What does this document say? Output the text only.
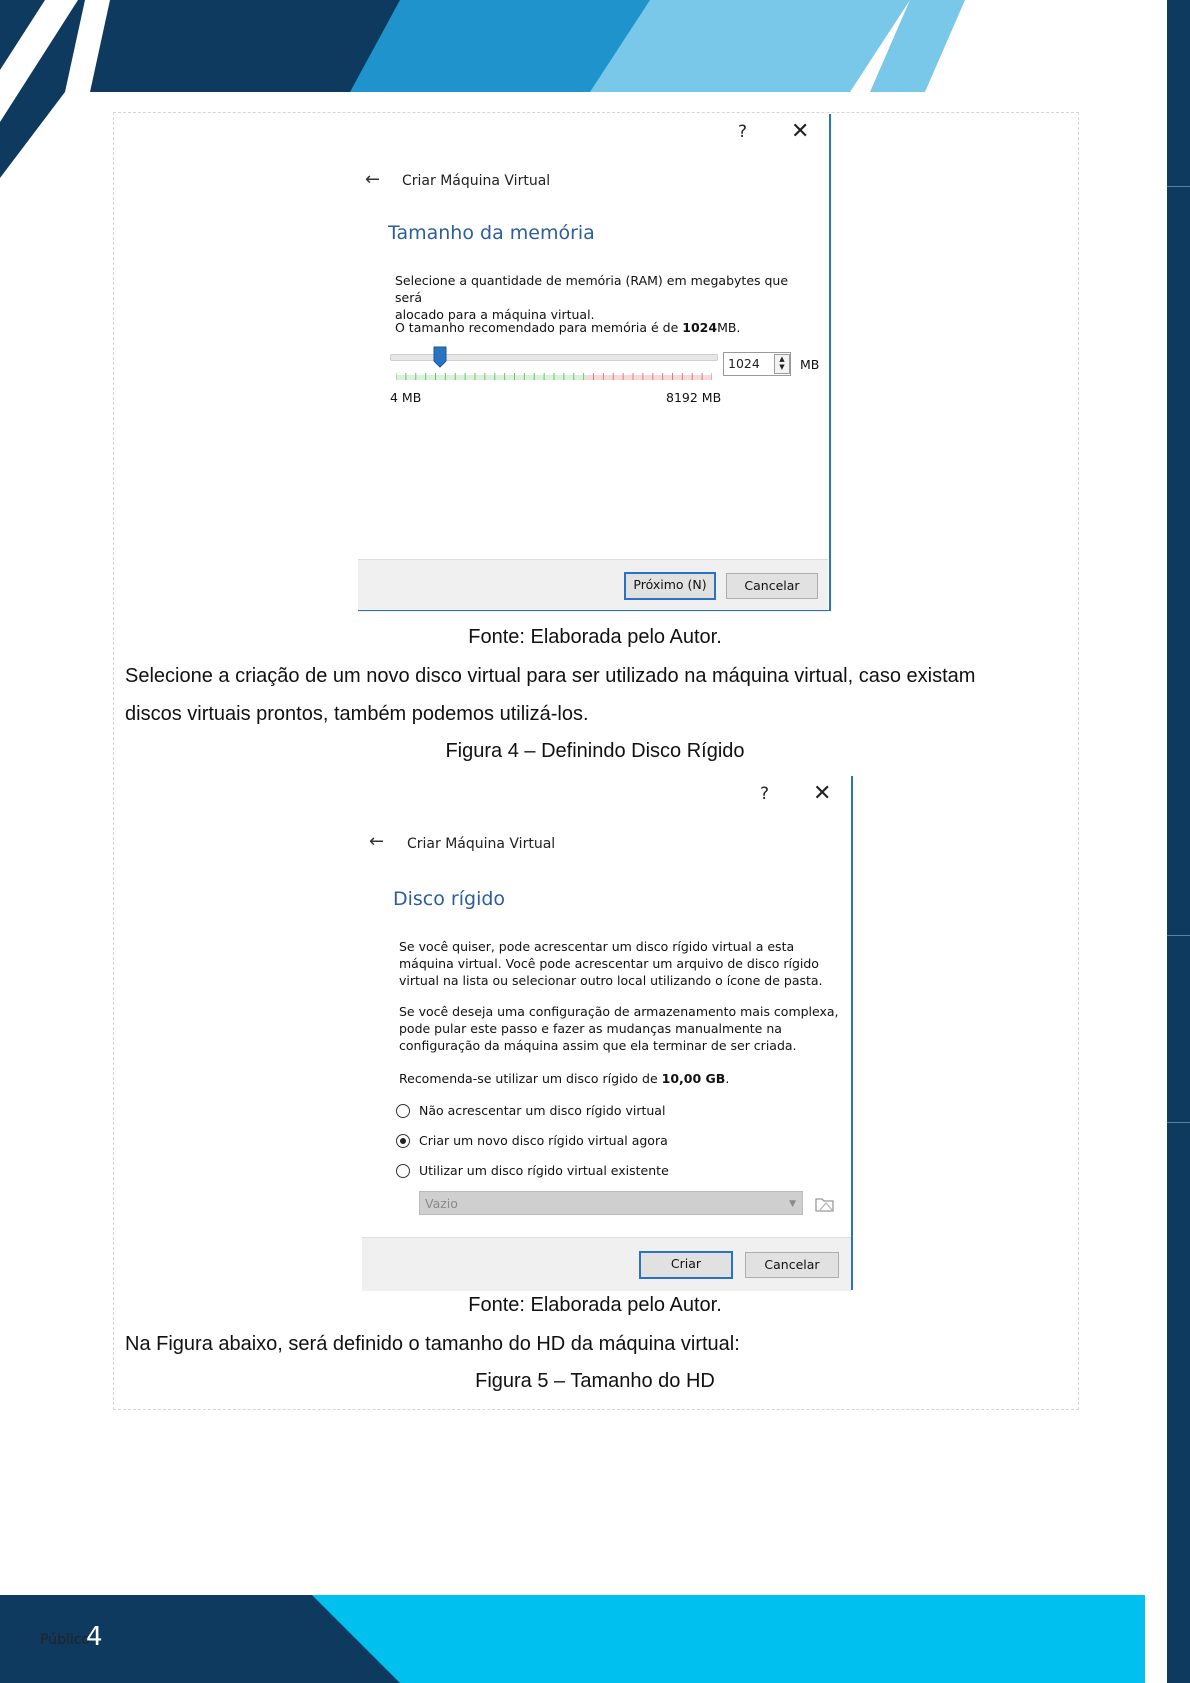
? ✕
← Criar Máquina Virtual
Tamanho da memória
Selecione a quantidade de memória (RAM) em megabytes que será
alocado para a máquina virtual.
O tamanho recomendado para memória é de 1024MB.
1024	▲
▼	MB
4 MB	8192 MB
Próximo (N)	Cancelar
Fonte: Elaborada pelo Autor.
Selecione a criação de um novo disco virtual para ser utilizado na máquina virtual, caso existam
discos virtuais prontos, também podemos utilizá-los.
Figura 4 – Definindo Disco Rígido
? ✕
← Criar Máquina Virtual
Disco rígido
Se você quiser, pode acrescentar um disco rígido virtual a esta
máquina virtual. Você pode acrescentar um arquivo de disco rígido
virtual na lista ou selecionar outro local utilizando o ícone de pasta.
Se você deseja uma configuração de armazenamento mais complexa,
pode pular este passo e fazer as mudanças manualmente na
configuração da máquina assim que ela terminar de ser criada.
Recomenda-se utilizar um disco rígido de 10,00 GB.
Não acrescentar um disco rígido virtual
Criar um novo disco rígido virtual agora
Utilizar um disco rígido virtual existente
Vazio	▼
Criar	Cancelar
Fonte: Elaborada pelo Autor.
Na Figura abaixo, será definido o tamanho do HD da máquina virtual:
Figura 5 – Tamanho do HD
Público
4
